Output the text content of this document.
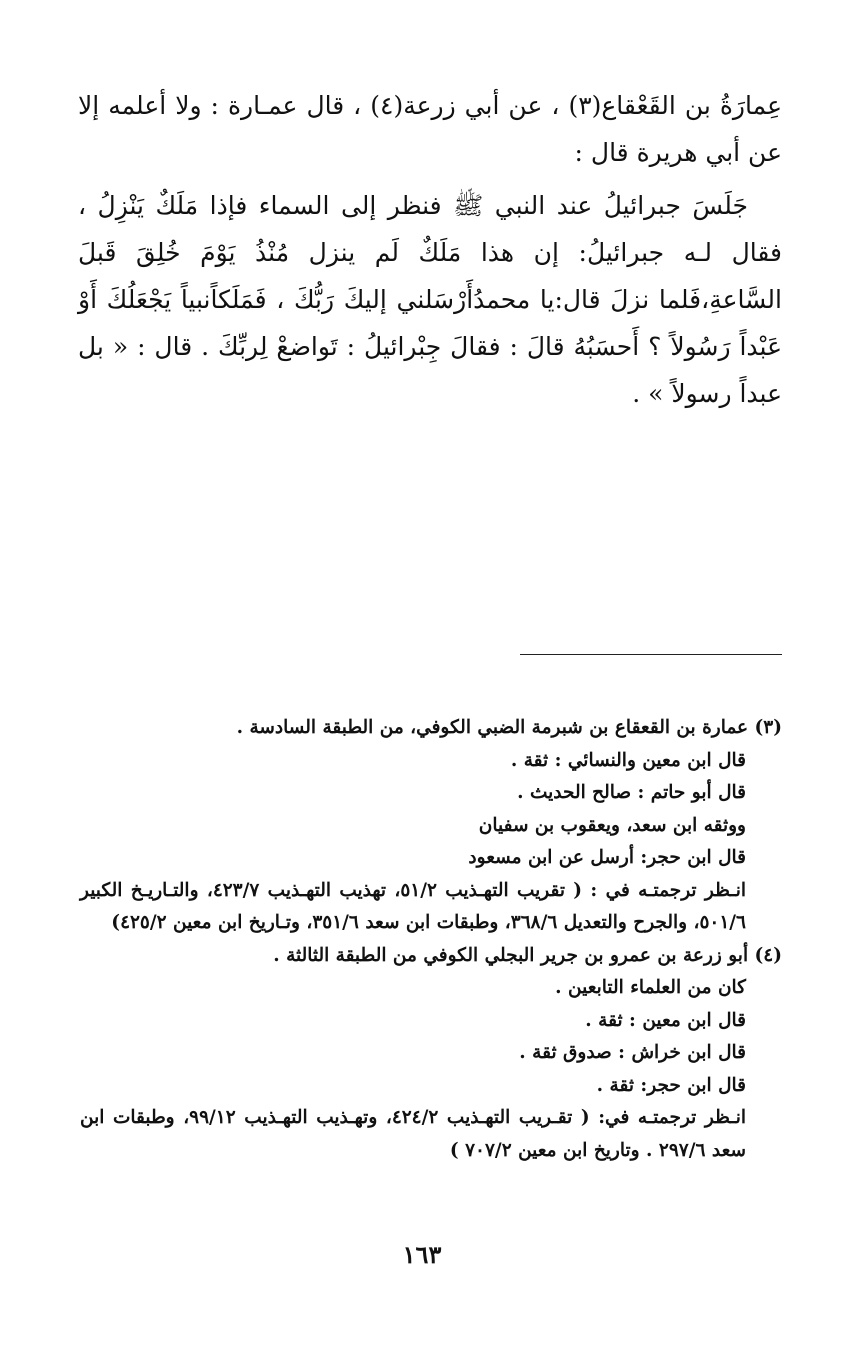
عِمارَةُ بن القَعْقاع(٣) ، عن أبي زرعة(٤) ، قال عمـارة : ولا أعلمه إلا عن أبي هريرة قال :

جَلَسَ جبرائيلُ عند النبي ﷺ فنظر إلى السماء فإذا مَلَكٌ يَنْزِلُ ، فقال لـه جبرائيلُ: إن هذا مَلَكٌ لَم ينزل مُنْذُ يَوْمَ خُلِقَ قَبلَ السَّاعةِ،فَلما نزلَ قال:يا محمدُأَرْسَلني إليكَ رَبُّكَ ، فَمَلَكاًنبياً يَجْعَلُكَ أَوْ عَبْداً رَسُولاً ؟ أَحسَبُهُ قالَ : فقالَ جِبْرائيلُ : تَواضعْ لِربِّكَ . قال : « بل عبداً رسولاً » .

(٣) عمارة بن القعقاع بن شبرمة الضبي الكوفي، من الطبقة السادسة .

قال ابن معين والنسائي : ثقة .

قال أبو حاتم : صالح الحديث .

ووثقه ابن سعد، ويعقوب بن سفيان

قال ابن حجر: أرسل عن ابن مسعود

انـظر ترجمتـه في : ( تقريب التهـذيب ٥١/٢، تهذيب التهـذيب ٤٢٣/٧، والتـاريـخ الكبير ٥٠١/٦، والجرح والتعديل ٣٦٨/٦، وطبقات ابن سعد ٣٥١/٦، وتـاريخ ابن معين ٤٢٥/٢)

(٤) أبو زرعة بن عمرو بن جرير البجلي الكوفي من الطبقة الثالثة .

كان من العلماء التابعين .

قال ابن معين : ثقة .

قال ابن خراش : صدوق ثقة .

قال ابن حجر: ثقة .

انـظر ترجمتـه في: ( تقـريب التهـذيب ٤٢٤/٢، وتهـذيب التهـذيب ٩٩/١٢، وطبقات ابن سعد ٢٩٧/٦ . وتاريخ ابن معين ٧٠٧/٢ )

١٦٣
